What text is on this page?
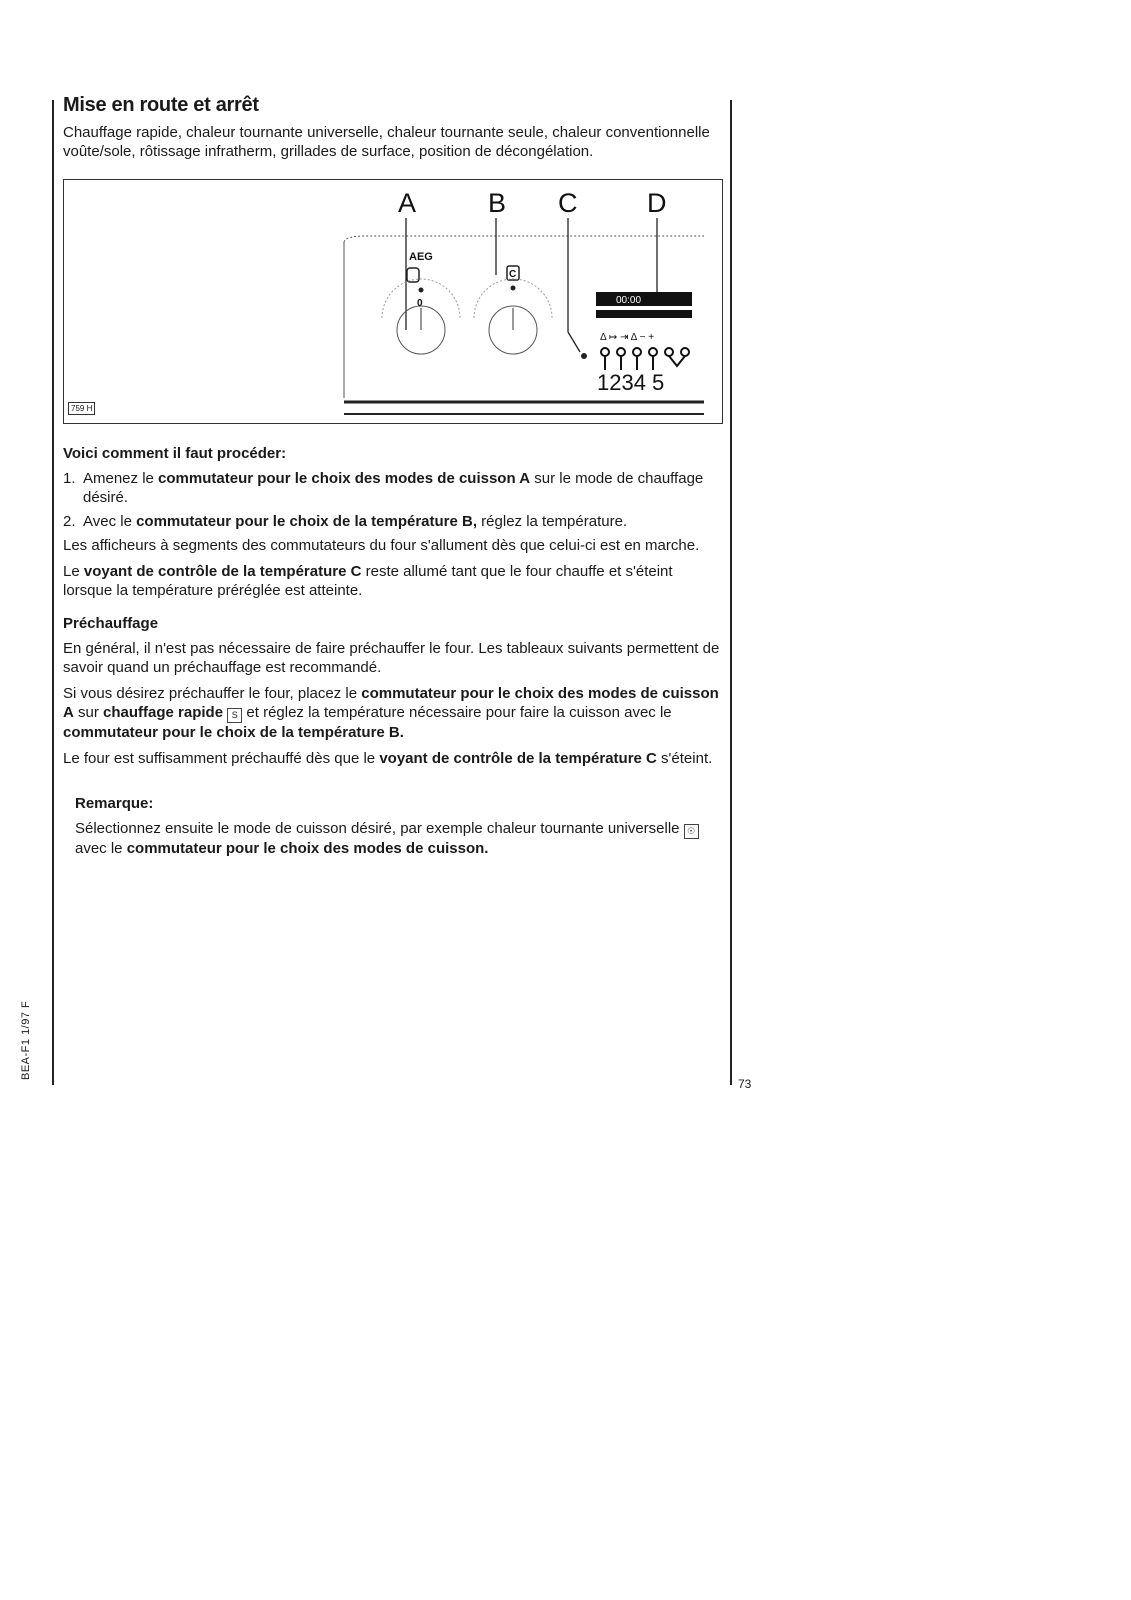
BEA-F1 1/97 F
73
Mise en route et arrêt
Chauffage rapide, chaleur tournante universelle, chaleur tournante seule, chaleur conventionnelle voûte/sole, rôtissage infratherm, grillades de surface, position de décongélation.
A	B C	D
AEG
0
C
00:00
Δ ↦ ⇥ Δ − +
1234 5
759 H
Voici comment il faut procéder:
1. Amenez le commutateur pour le choix des modes de cuisson A sur le mode de chauffage désiré.
2. Avec le commutateur pour le choix de la température B, réglez la température.

Les afficheurs à segments des commutateurs du four s'allument dès que celui-ci est en marche.

Le voyant de contrôle de la température C reste allumé tant que le four chauffe et s'éteint lorsque la température préréglée est atteinte.

Préchauffage

En général, il n'est pas nécessaire de faire préchauffer le four. Les tableaux suivants permettent de savoir quand un préchauffage est recommandé.

Si vous désirez préchauffer le four, placez le commutateur pour le choix des modes de cuisson A sur chauffage rapide S et réglez la température nécessaire pour faire la cuisson avec le commutateur pour le choix de la température B.

Le four est suffisamment préchauffé dès que le voyant de contrôle de la température C s'éteint.

Remarque:
Sélectionnez ensuite le mode de cuisson désiré, par exemple chaleur tournante universelle ☉ avec le commutateur pour le choix des modes de cuisson.
